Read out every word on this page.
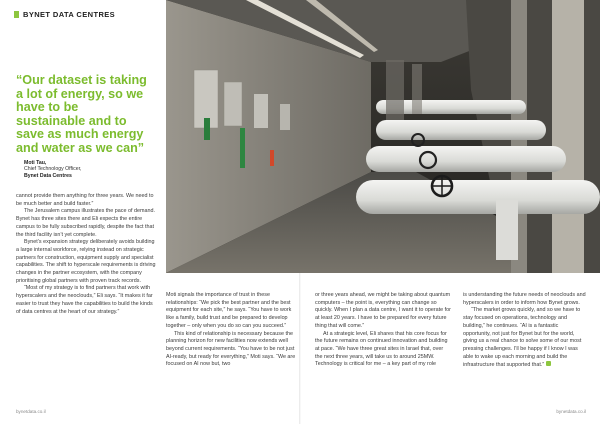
BYNET DATA CENTRES

“Our dataset is taking a lot of energy, so we have to be sustainable and to save as much energy and water as we can”

Moti Tau,
Chief Technology Officer,
Bynet Data Centres

cannot provide them anything for three years. We need to be much better and build faster.”

The Jerusalem campus illustrates the pace of demand. Bynet has three sites there and Eli expects the entire campus to be fully subscribed rapidly, despite the fact that the third facility isn’t yet complete.

Bynet’s expansion strategy deliberately avoids building a large internal workforce, relying instead on strategic partners for construction, equipment supply and specialist capabilities. The shift to hyperscale requirements is driving changes in the partner ecosystem, with the company prioritising global partners with proven track records.

“Most of my strategy is to find partners that work with hyperscalers and the neoclouds,” Eli says. “It makes it far easier to trust they have the capabilities to build the kinds of data centres at the heart of our strategy.”

Moti signals the importance of trust in these relationships: “We pick the best partner and the best equipment for each site,” he says. “You have to work like a family, build trust and be prepared to develop together – only when you do so can you succeed.”

This kind of relationship is necessary because the planning horizon for new facilities now extends well beyond current requirements. “You have to be not just AI-ready, but ready for everything,” Moti says. “We are focused on AI now but, two

or three years ahead, we might be taking about quantum computers – the point is, everything can change so quickly. When I plan a data centre, I want it to operate for at least 20 years. I have to be prepared for every future thing that will come.”

At a strategic level, Eli shares that his core focus for the future remains on continued innovation and building at pace. “We have three great sites in Israel that, over the next three years, will take us to around 25MW. Technology is critical for me – a key part of my role

is understanding the future needs of neoclouds and hyperscalers in order to inform how Bynet grows.

“The market grows quickly, and so we have to stay focused on operations, technology and building,” he continues. “AI is a fantastic opportunity, not just for Bynet but for the world, giving us a real chance to solve some of our most pressing challenges. I’ll be happy if I know I was able to wake up each morning and build the infrastructure that supported that.”

bynetdata.co.il	bynetdata.co.il
